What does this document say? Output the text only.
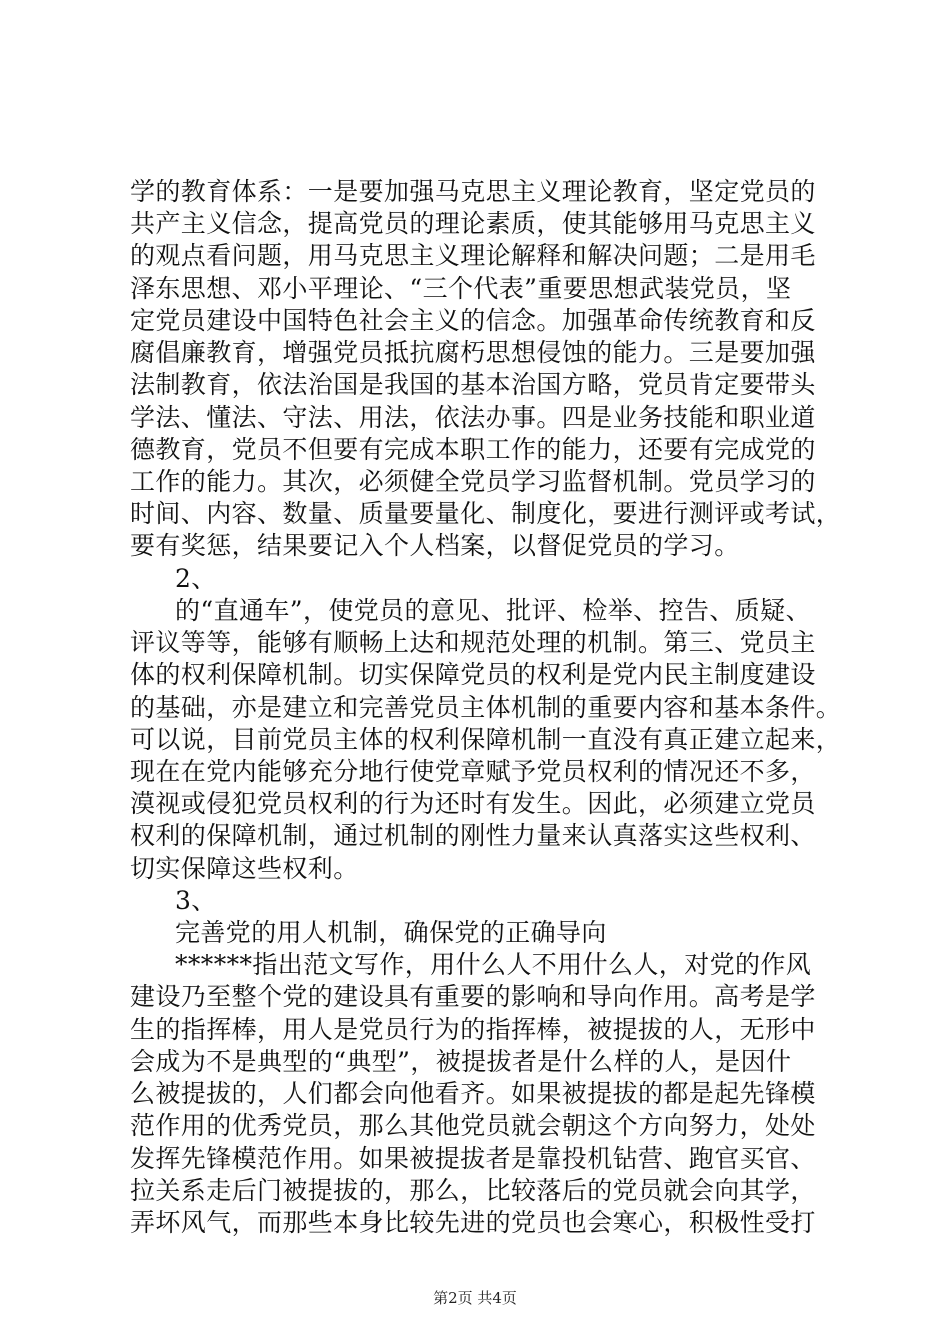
学的教育体系：一是要加强马克思主义理论教育，坚定党员的
共产主义信念，提高党员的理论素质，使其能够用马克思主义
的观点看问题，用马克思主义理论解释和解决问题；二是用毛
泽东思想、邓小平理论、“三个代表”重要思想武装党员，坚
定党员建设中国特色社会主义的信念。加强革命传统教育和反
腐倡廉教育，增强党员抵抗腐朽思想侵蚀的能力。三是要加强
法制教育，依法治国是我国的基本治国方略，党员肯定要带头
学法、懂法、守法、用法，依法办事。四是业务技能和职业道
德教育，党员不但要有完成本职工作的能力，还要有完成党的
工作的能力。其次，必须健全党员学习监督机制。党员学习的
时间、内容、数量、质量要量化、制度化，要进行测评或考试，
要有奖惩，结果要记入个人档案，以督促党员的学习。
2、
的“直通车”，使党员的意见、批评、检举、控告、质疑、
评议等等，能够有顺畅上达和规范处理的机制。第三、党员主
体的权利保障机制。切实保障党员的权利是党内民主制度建设
的基础，亦是建立和完善党员主体机制的重要内容和基本条件。
可以说，目前党员主体的权利保障机制一直没有真正建立起来，
现在在党内能够充分地行使党章赋予党员权利的情况还不多，
漠视或侵犯党员权利的行为还时有发生。因此，必须建立党员
权利的保障机制，通过机制的刚性力量来认真落实这些权利、
切实保障这些权利。
3、
完善党的用人机制，确保党的正确导向
******指出范文写作，用什么人不用什么人，对党的作风
建设乃至整个党的建设具有重要的影响和导向作用。高考是学
生的指挥棒，用人是党员行为的指挥棒，被提拔的人，无形中
会成为不是典型的“典型”，被提拔者是什么样的人，是因什
么被提拔的，人们都会向他看齐。如果被提拔的都是起先锋模
范作用的优秀党员，那么其他党员就会朝这个方向努力，处处
发挥先锋模范作用。如果被提拔者是靠投机钻营、跑官买官、
拉关系走后门被提拔的，那么，比较落后的党员就会向其学，
弄坏风气，而那些本身比较先进的党员也会寒心，积极性受打
第2页 共4页
